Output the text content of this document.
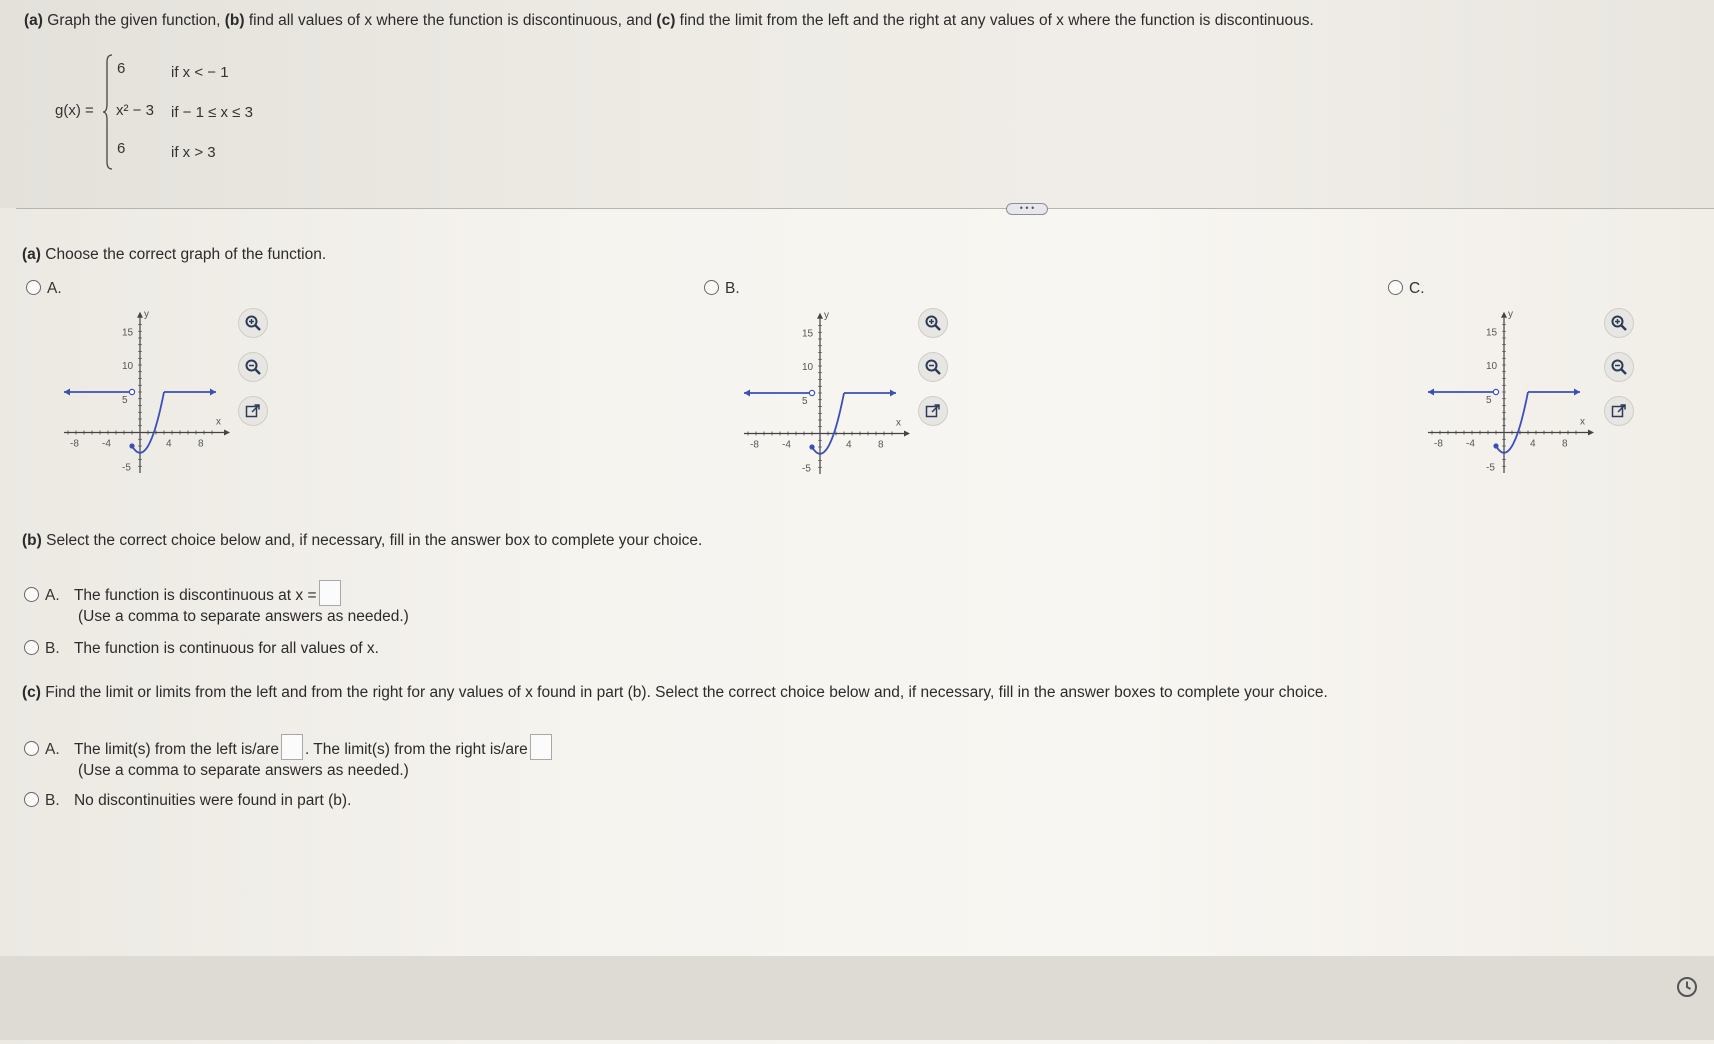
(a) Graph the given function, (b) find all values of x where the function is discontinuous, and (c) find the limit from the left and the right at any values of x where the function is discontinuous.
g(x) =
6	if x < − 1
x² − 3 if − 1 ≤ x ≤ 3
6	if x > 3
• • •
(a) Choose the correct graph of the function.
A.
15
10
5
-5
-8 -4	4	8
y
x
B.
15
10
5
-5
-8 -4	4	8
y
x
C.
15
10
5
-5
-8 -4	4	8
y
x
(b) Select the correct choice below and, if necessary, fill in the answer box to complete your choice.
A. The function is discontinuous at x =
(Use a comma to separate answers as needed.)
B. The function is continuous for all values of x.
(c) Find the limit or limits from the left and from the right for any values of x found in part (b). Select the correct choice below and, if necessary, fill in the answer boxes to complete your choice.
A. The limit(s) from the left is/are . The limit(s) from the right is/are
(Use a comma to separate answers as needed.)
B. No discontinuities were found in part (b).
